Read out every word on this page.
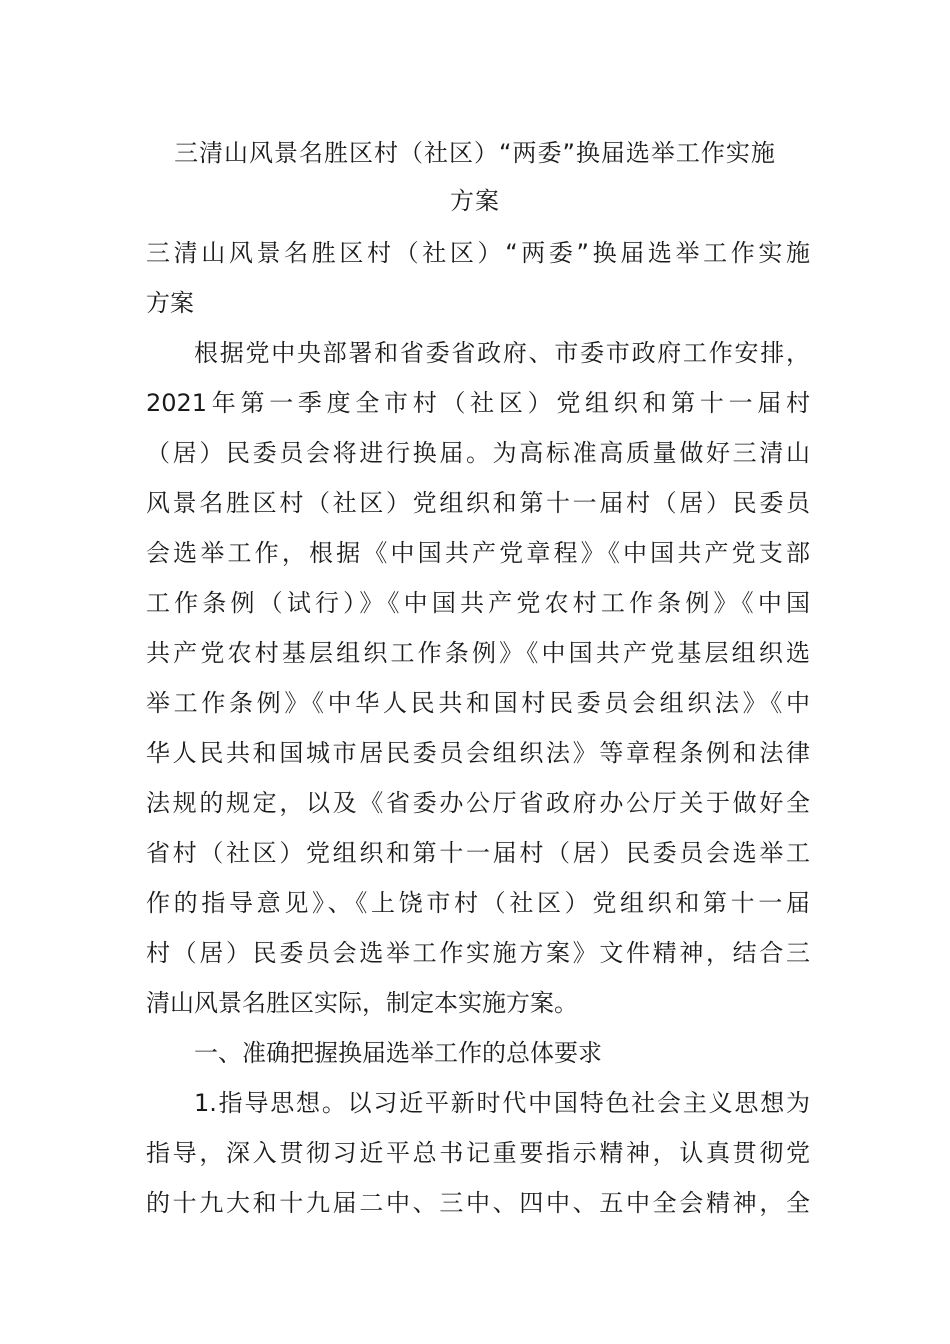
三清山风景名胜区村（社区）“两委”换届选举工作实施
方案
三清山风景名胜区村（社区）“两委”换届选举工作实施
方案
根据党中央部署和省委省政府、市委市政府工作安排，
2021年第一季度全市村（社区）党组织和第十一届村
（居）民委员会将进行换届。为高标准高质量做好三清山
风景名胜区村（社区）党组织和第十一届村（居）民委员
会选举工作，根据《中国共产党章程》《中国共产党支部
工作条例（试行）》《中国共产党农村工作条例》《中国
共产党农村基层组织工作条例》《中国共产党基层组织选
举工作条例》《中华人民共和国村民委员会组织法》《中
华人民共和国城市居民委员会组织法》等章程条例和法律
法规的规定，以及《省委办公厅省政府办公厅关于做好全
省村（社区）党组织和第十一届村（居）民委员会选举工
作的指导意见》、《上饶市村（社区）党组织和第十一届
村（居）民委员会选举工作实施方案》文件精神，结合三
清山风景名胜区实际，制定本实施方案。
一、准确把握换届选举工作的总体要求
1.指导思想。以习近平新时代中国特色社会主义思想为
指导，深入贯彻习近平总书记重要指示精神，认真贯彻党
的十九大和十九届二中、三中、四中、五中全会精神，全
